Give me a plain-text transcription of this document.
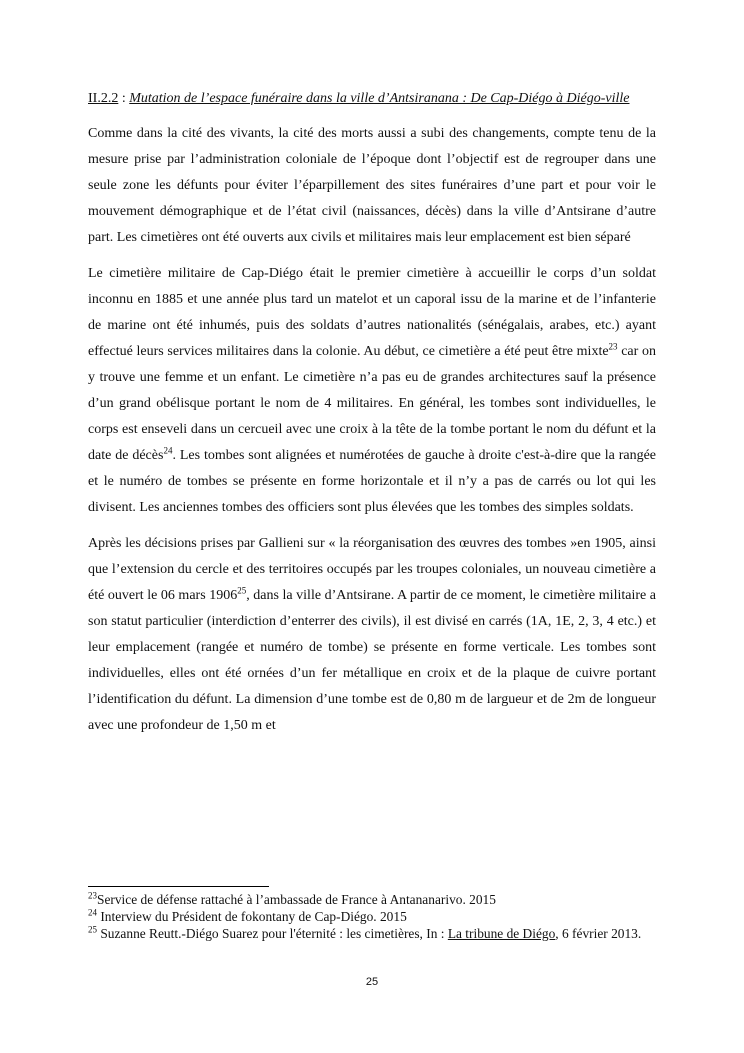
II.2.2 : Mutation de l’espace funéraire dans la ville d’Antsiranana : De Cap-Diégo à Diégo-ville

Comme dans la cité des vivants, la cité des morts aussi a subi des changements, compte tenu de la mesure prise par l’administration coloniale de l’époque dont l’objectif est de regrouper dans une seule zone les défunts pour éviter l’éparpillement des sites funéraires d’une part et pour voir le mouvement démographique et de l’état civil (naissances, décès) dans la ville d’Antsirane d’autre part. Les cimetières ont été ouverts aux civils et militaires mais leur emplacement est bien séparé

Le cimetière militaire de Cap-Diégo était le premier cimetière à accueillir le corps d’un soldat inconnu en 1885 et une année plus tard un matelot et un caporal issu de la marine et de l’infanterie de marine ont été inhumés, puis des soldats d’autres nationalités (sénégalais, arabes, etc.) ayant effectué leurs services militaires dans la colonie. Au début, ce cimetière a été peut être mixte$^{23}$ car on y trouve une femme et un enfant. Le cimetière n’a pas eu de grandes architectures sauf la présence d’un grand obélisque portant le nom de 4 militaires. En général, les tombes sont individuelles, le corps est enseveli dans un cercueil avec une croix à la tête de la tombe portant le nom du défunt et la date de décès$^{24}$. Les tombes sont alignées et numérotées de gauche à droite c'est-à-dire que la rangée et le numéro de tombes se présente en forme horizontale et il n’y a pas de carrés ou lot qui les divisent. Les anciennes tombes des officiers sont plus élevées que les tombes des simples soldats.

Après les décisions prises par Gallieni sur « la réorganisation des œuvres des tombes »en 1905, ainsi que l’extension du cercle et des territoires occupés par les troupes coloniales, un nouveau cimetière a été ouvert le 06 mars 1906$^{25}$, dans la ville d’Antsirane. A partir de ce moment, le cimetière militaire a son statut particulier (interdiction d’enterrer des civils), il est divisé en carrés (1A, 1E, 2, 3, 4 etc.) et leur emplacement (rangée et numéro de tombe) se présente en forme verticale. Les tombes sont individuelles, elles ont été ornées d’un fer métallique en croix et de la plaque de cuivre portant l’identification du défunt. La dimension d’une tombe est de 0,80 m de largueur et de 2m de longueur avec une profondeur de 1,50 m et

$^{23}$Service de défense rattaché à l’ambassade de France à Antananarivo. 2015

$^{24}$ Interview du Président de fokontany de Cap-Diégo. 2015

$^{25}$ Suzanne Reutt.-Diégo Suarez pour l'éternité : les cimetières, In : La tribune de Diégo, 6 février 2013.

25
